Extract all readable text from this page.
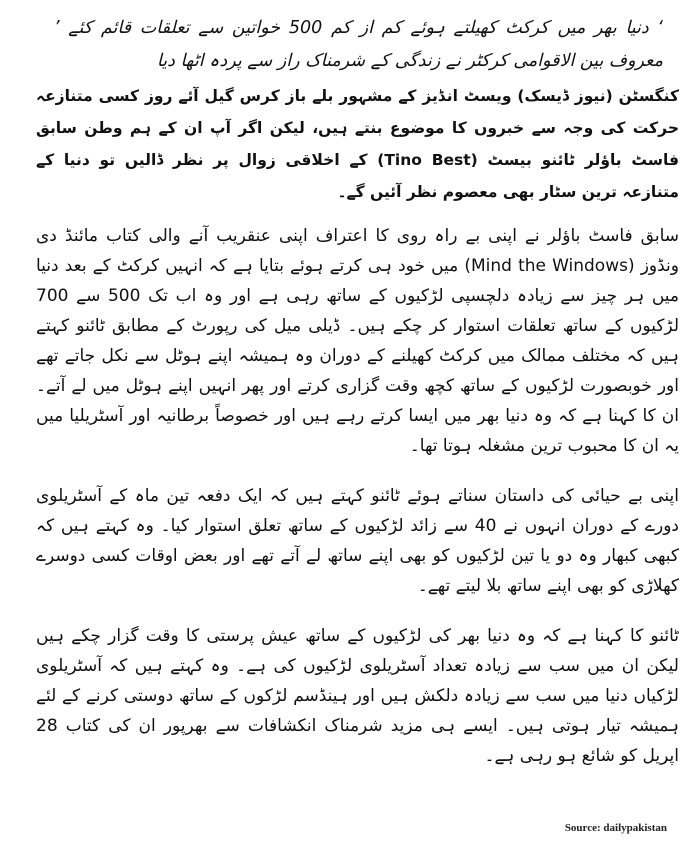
‘ دنیا بھر میں کرکٹ کھیلتے ہوئے کم از کم 500 خواتین سے تعلقات قائم کئے ’ معروف بین الاقوامی کرکٹر نے زندگی کے شرمناک راز سے پردہ اٹھا دیا

کنگسٹن (نیوز ڈیسک) ویسٹ انڈیز کے مشہور بلے باز کرس گیل آئے روز کسی متنازعہ حرکت کی وجہ سے خبروں کا موضوع بنتے ہیں، لیکن اگر آپ ان کے ہم وطن سابق فاسٹ باؤلر ٹائنو بیسٹ (Tino Best) کے اخلاقی زوال پر نظر ڈالیں تو دنیا کے متنازعہ ترین سٹار بھی معصوم نظر آئیں گے۔

سابق فاسٹ باؤلر نے اپنی بے راہ روی کا اعتراف اپنی عنقریب آنے والی کتاب مائنڈ دی ونڈوز (Mind the Windows) میں خود ہی کرتے ہوئے بتایا ہے کہ انہیں کرکٹ کے بعد دنیا میں ہر چیز سے زیادہ دلچسپی لڑکیوں کے ساتھ رہی ہے اور وہ اب تک 500 سے 700 لڑکیوں کے ساتھ تعلقات استوار کر چکے ہیں۔ ڈیلی میل کی رپورٹ کے مطابق ٹائنو کہتے ہیں کہ مختلف ممالک میں کرکٹ کھیلنے کے دوران وہ ہمیشہ اپنے ہوٹل سے نکل جاتے تھے اور خوبصورت لڑکیوں کے ساتھ کچھ وقت گزاری کرتے اور پھر انہیں اپنے ہوٹل میں لے آتے۔ ان کا کہنا ہے کہ وہ دنیا بھر میں ایسا کرتے رہے ہیں اور خصوصاً برطانیہ اور آسٹریلیا میں یہ ان کا محبوب ترین مشغلہ ہوتا تھا۔

اپنی بے حیائی کی داستان سناتے ہوئے ٹائنو کہتے ہیں کہ ایک دفعہ تین ماہ کے آسٹریلوی دورے کے دوران انہوں نے 40 سے زائد لڑکیوں کے ساتھ تعلق استوار کیا۔ وہ کہتے ہیں کہ کبھی کبھار وہ دو یا تین لڑکیوں کو بھی اپنے ساتھ لے آتے تھے اور بعض اوقات کسی دوسرے کھلاڑی کو بھی اپنے ساتھ بلا لیتے تھے۔

ٹائنو کا کہنا ہے کہ وہ دنیا بھر کی لڑکیوں کے ساتھ عیش پرستی کا وقت گزار چکے ہیں لیکن ان میں سب سے زیادہ تعداد آسٹریلوی لڑکیوں کی ہے۔ وہ کہتے ہیں کہ آسٹریلوی لڑکیاں دنیا میں سب سے زیادہ دلکش ہیں اور ہینڈسم لڑکوں کے ساتھ دوستی کرنے کے لئے ہمیشہ تیار ہوتی ہیں۔ ایسے ہی مزید شرمناک انکشافات سے بھرپور ان کی کتاب 28 اپریل کو شائع ہو رہی ہے۔

Source: dailypakistan
